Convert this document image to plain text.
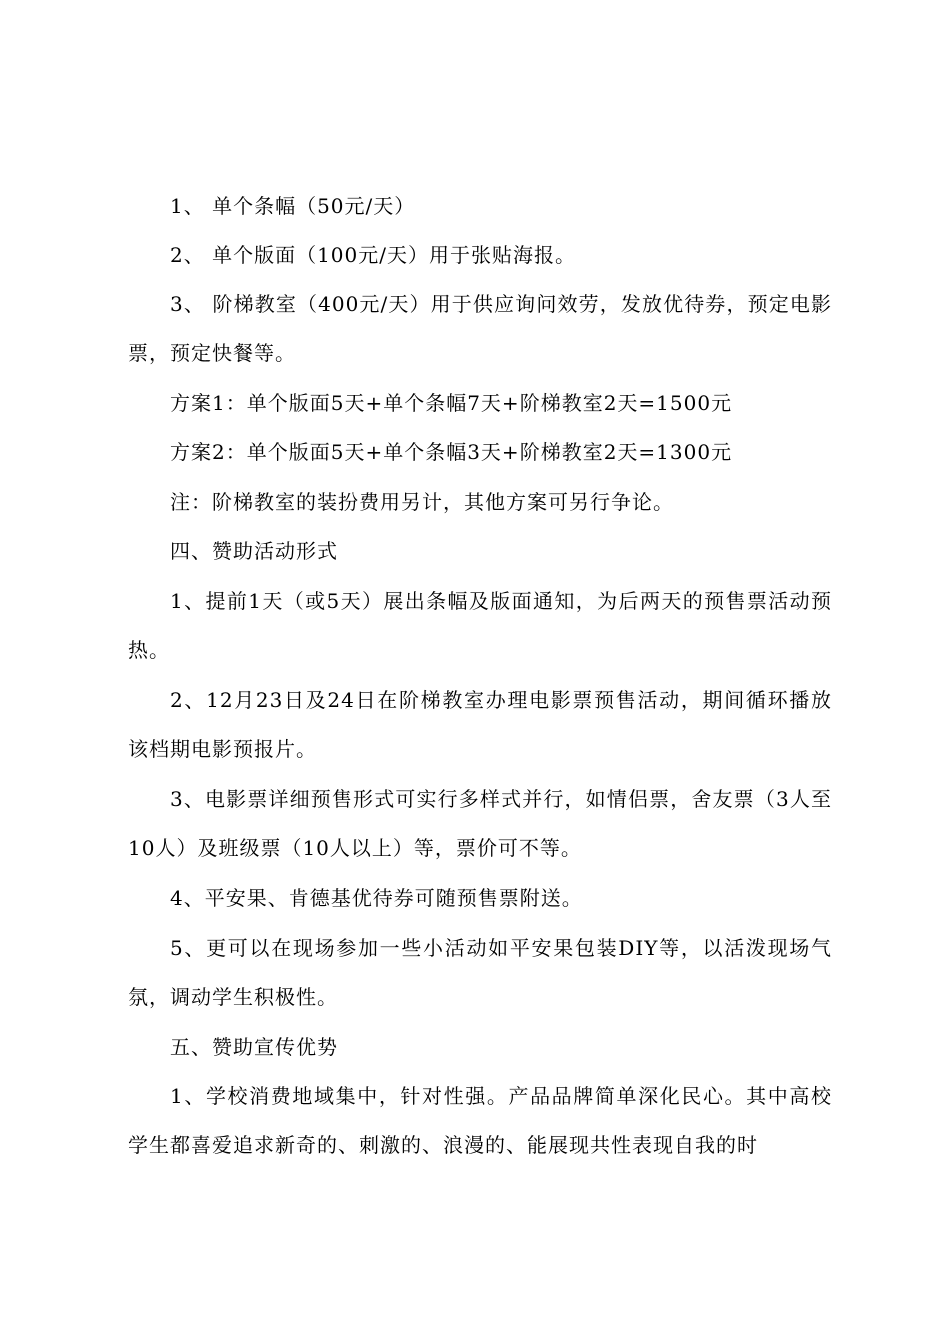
1、 单个条幅（50元/天）

2、 单个版面（100元/天）用于张贴海报。

3、 阶梯教室（400元/天）用于供应询问效劳，发放优待券，预定电影票，预定快餐等。

方案1：单个版面5天+单个条幅7天+阶梯教室2天=1500元

方案2：单个版面5天+单个条幅3天+阶梯教室2天=1300元

注：阶梯教室的装扮费用另计，其他方案可另行争论。

四、赞助活动形式

1、提前1天（或5天）展出条幅及版面通知，为后两天的预售票活动预热。

2、12月23日及24日在阶梯教室办理电影票预售活动，期间循环播放该档期电影预报片。

3、电影票详细预售形式可实行多样式并行，如情侣票，舍友票（3人至10人）及班级票（10人以上）等，票价可不等。

4、平安果、肯德基优待券可随预售票附送。

5、更可以在现场参加一些小活动如平安果包装DIY等，以活泼现场气氛，调动学生积极性。

五、赞助宣传优势

1、学校消费地域集中，针对性强。产品品牌简单深化民心。其中高校学生都喜爱追求新奇的、刺激的、浪漫的、能展现共性表现自我的时
